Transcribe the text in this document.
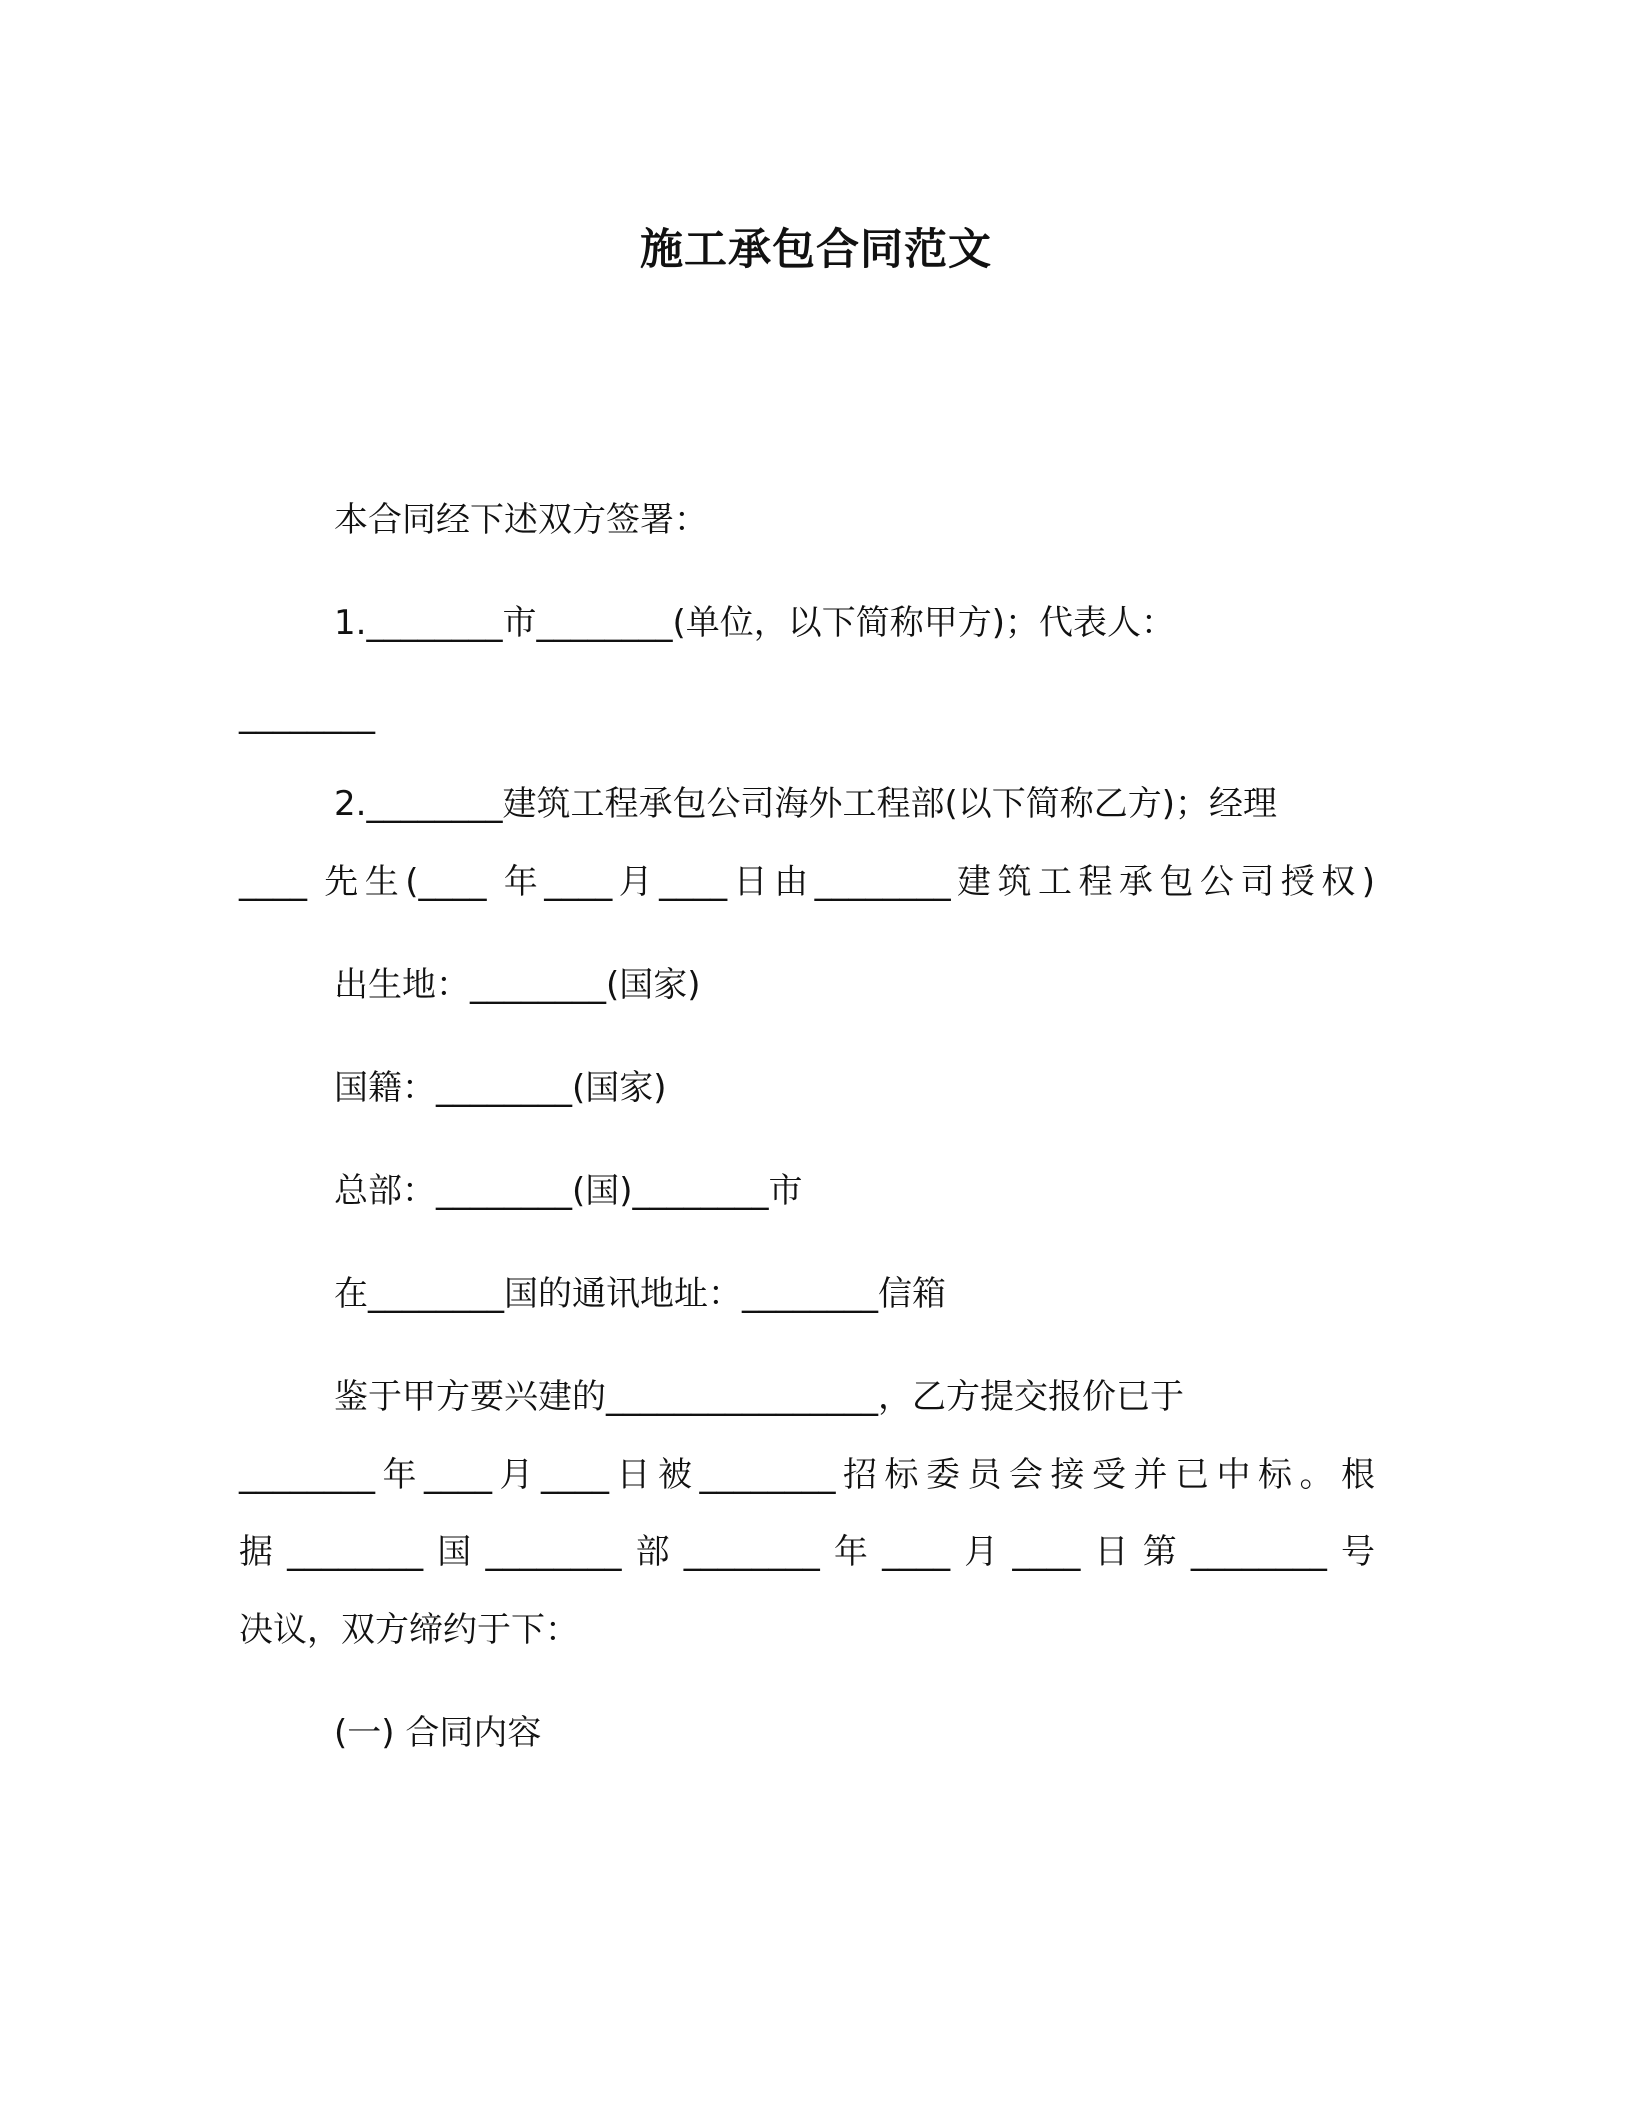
施工承包合同范文
本合同经下述双方签署：
1.________市________(单位，以下简称甲方)；代表人：
________
2.________建筑工程承包公司海外工程部(以下简称乙方)；经理
____ 先生(____ 年____月____日由________建筑工程承包公司授权)
出生地：________(国家)
国籍：________(国家)
总部：________(国)________市
在________国的通讯地址：________信箱
鉴于甲方要兴建的________________，乙方提交报价已于
________年____月____日被________招标委员会接受并已中标。根
据________国________部________年____月____日第________号
决议，双方缔约于下：
(一) 合同内容
